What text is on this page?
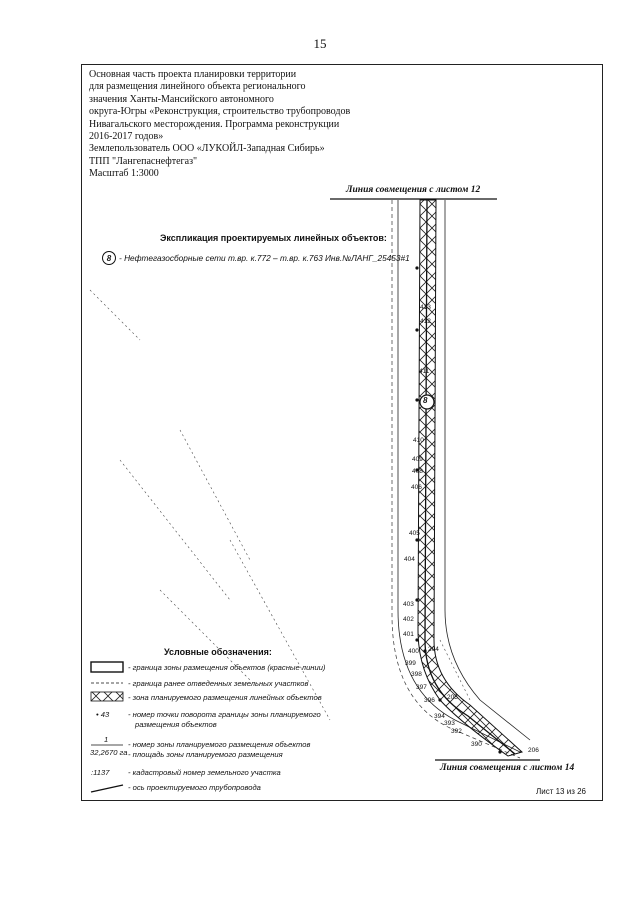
15
Основная часть проекта планировки территории
для размещения линейного объекта регионального
значения Ханты-Мансийского автономного
округа-Югры «Реконструкция, строительство трубопроводов
Нивагальского месторождения. Программа реконструкции
2016-2017 годов»
Землепользователь ООО «ЛУКОЙЛ-Западная Сибирь»
ТПП "Лангепаснефтегаз"
Масштаб 1:3000
Линия совмещения с листом 12
Линия совмещения с листом 14
8
413
412
411
410
409
408
406
405
404
403
402
401
400
399
398
397
396
394
393
392
390
204
205
206
Экспликация проектируемых линейных объектов:
8 - Нефтегазосборные сети т.вр. к.772 – т.вр. к.763 Инв.№ЛАНГ_25453#1
Условные обозначения:
- граница зоны размещения объектов (красные линии)
- граница ранее отведенных земельных участков
- зона планируемого размещения линейных объектов
• 43 - номер точки поворота границы зоны планируемого
размещения объектов
1
32,2670 га
- номер зоны планируемого размещения объектов
- площадь зоны планируемого размещения
:1137 - кадастровый номер земельного участка
- ось проектируемого трубопровода	Лист 13 из 26
